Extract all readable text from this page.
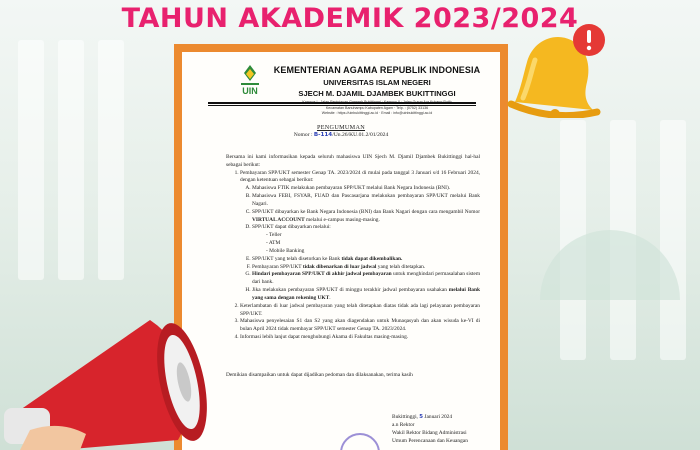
TAHUN AKADEMIK 2023/2024
UIN
KEMENTERIAN AGAMA REPUBLIK INDONESIA
UNIVERSITAS ISLAM NEGERI
SJECH M. DJAMIL DJAMBEK BUKITTINGGI
Kecamatan Banuhampu Kabupaten Agam · Telp. : (0752) 33136
Website : https://uinbukittinggi.ac.id · Email : info@uinbukittinggi.ac.id
PENGUMUMAN
Nomor : B-114/Un.26/KU.01.2/01/2024

Bersama ini kami informasikan kepada seluruh mahasiswa UIN Sjech M. Djamil Djambek Bukittinggi hal-hal sebagai berikut:

1. Pembayaran SPP/UKT semester Genap TA. 2023/2024 di mulai pada tanggal 3 Januari s/d 16 Februari 2024, dengan ketentuan sebagai berikut:
A. Mahasiswa FTIK melakukan pembayaran SPP/UKT melalui Bank Negara Indonesia (BNI).
B. Mahasiswa FEBI, FSYAR, FUAD dan Pascasarjana melakukan pembayaran SPP/UKT melalui Bank Nagari.
C. SPP/UKT dibayarkan ke Bank Negara Indonesia (BNI) dan Bank Nagari dengan cara mengambil Nomor VIRTUAL ACCOUNT melalui e-campus masing-masing.
D. SPP/UKT dapat dibayarkan melalui:
- Teller
- ATM
- Mobile Banking
E. SPP/UKT yang telah disetorkan ke Bank tidak dapat dikembalikan.
F. Pembayaran SPP/UKT tidak dibenarkan di luar jadwal yang telah ditetapkan.
G. Hindari pembayaran SPP/UKT di akhir jadwal pembayaran untuk menghindari permasalahan sistem dari bank.
H. Jika melakukan pembayaran SPP/UKT di minggu terakhir jadwal pembayaran usahakan melalui Bank yang sama dengan rekening UKT.
2. Keterlambatan di luar jadwal pembayaran yang telah ditetapkan diatas tidak ada lagi pelayanan pembayaran SPP/UKT.
3. Mahasiswa penyelesaian S1 dan S2 yang akan diagendakan untuk Munaqasyah dan akan wisuda ke-VI di bulan April 2024 tidak membayar SPP/UKT semester Genap TA. 2023/2024.
4. Informasi lebih lanjut dapat menghubungi Akama di Fakultas masing-masing.
Demikian disampaikan untuk dapat dijadikan pedoman dan dilaksanakan, terima kasih
Bukittinggi, 5 Januari 2024
a.n Rektor
Wakil Rektor Bidang Administrasi
Umum Perencanaan dan Keuangan
